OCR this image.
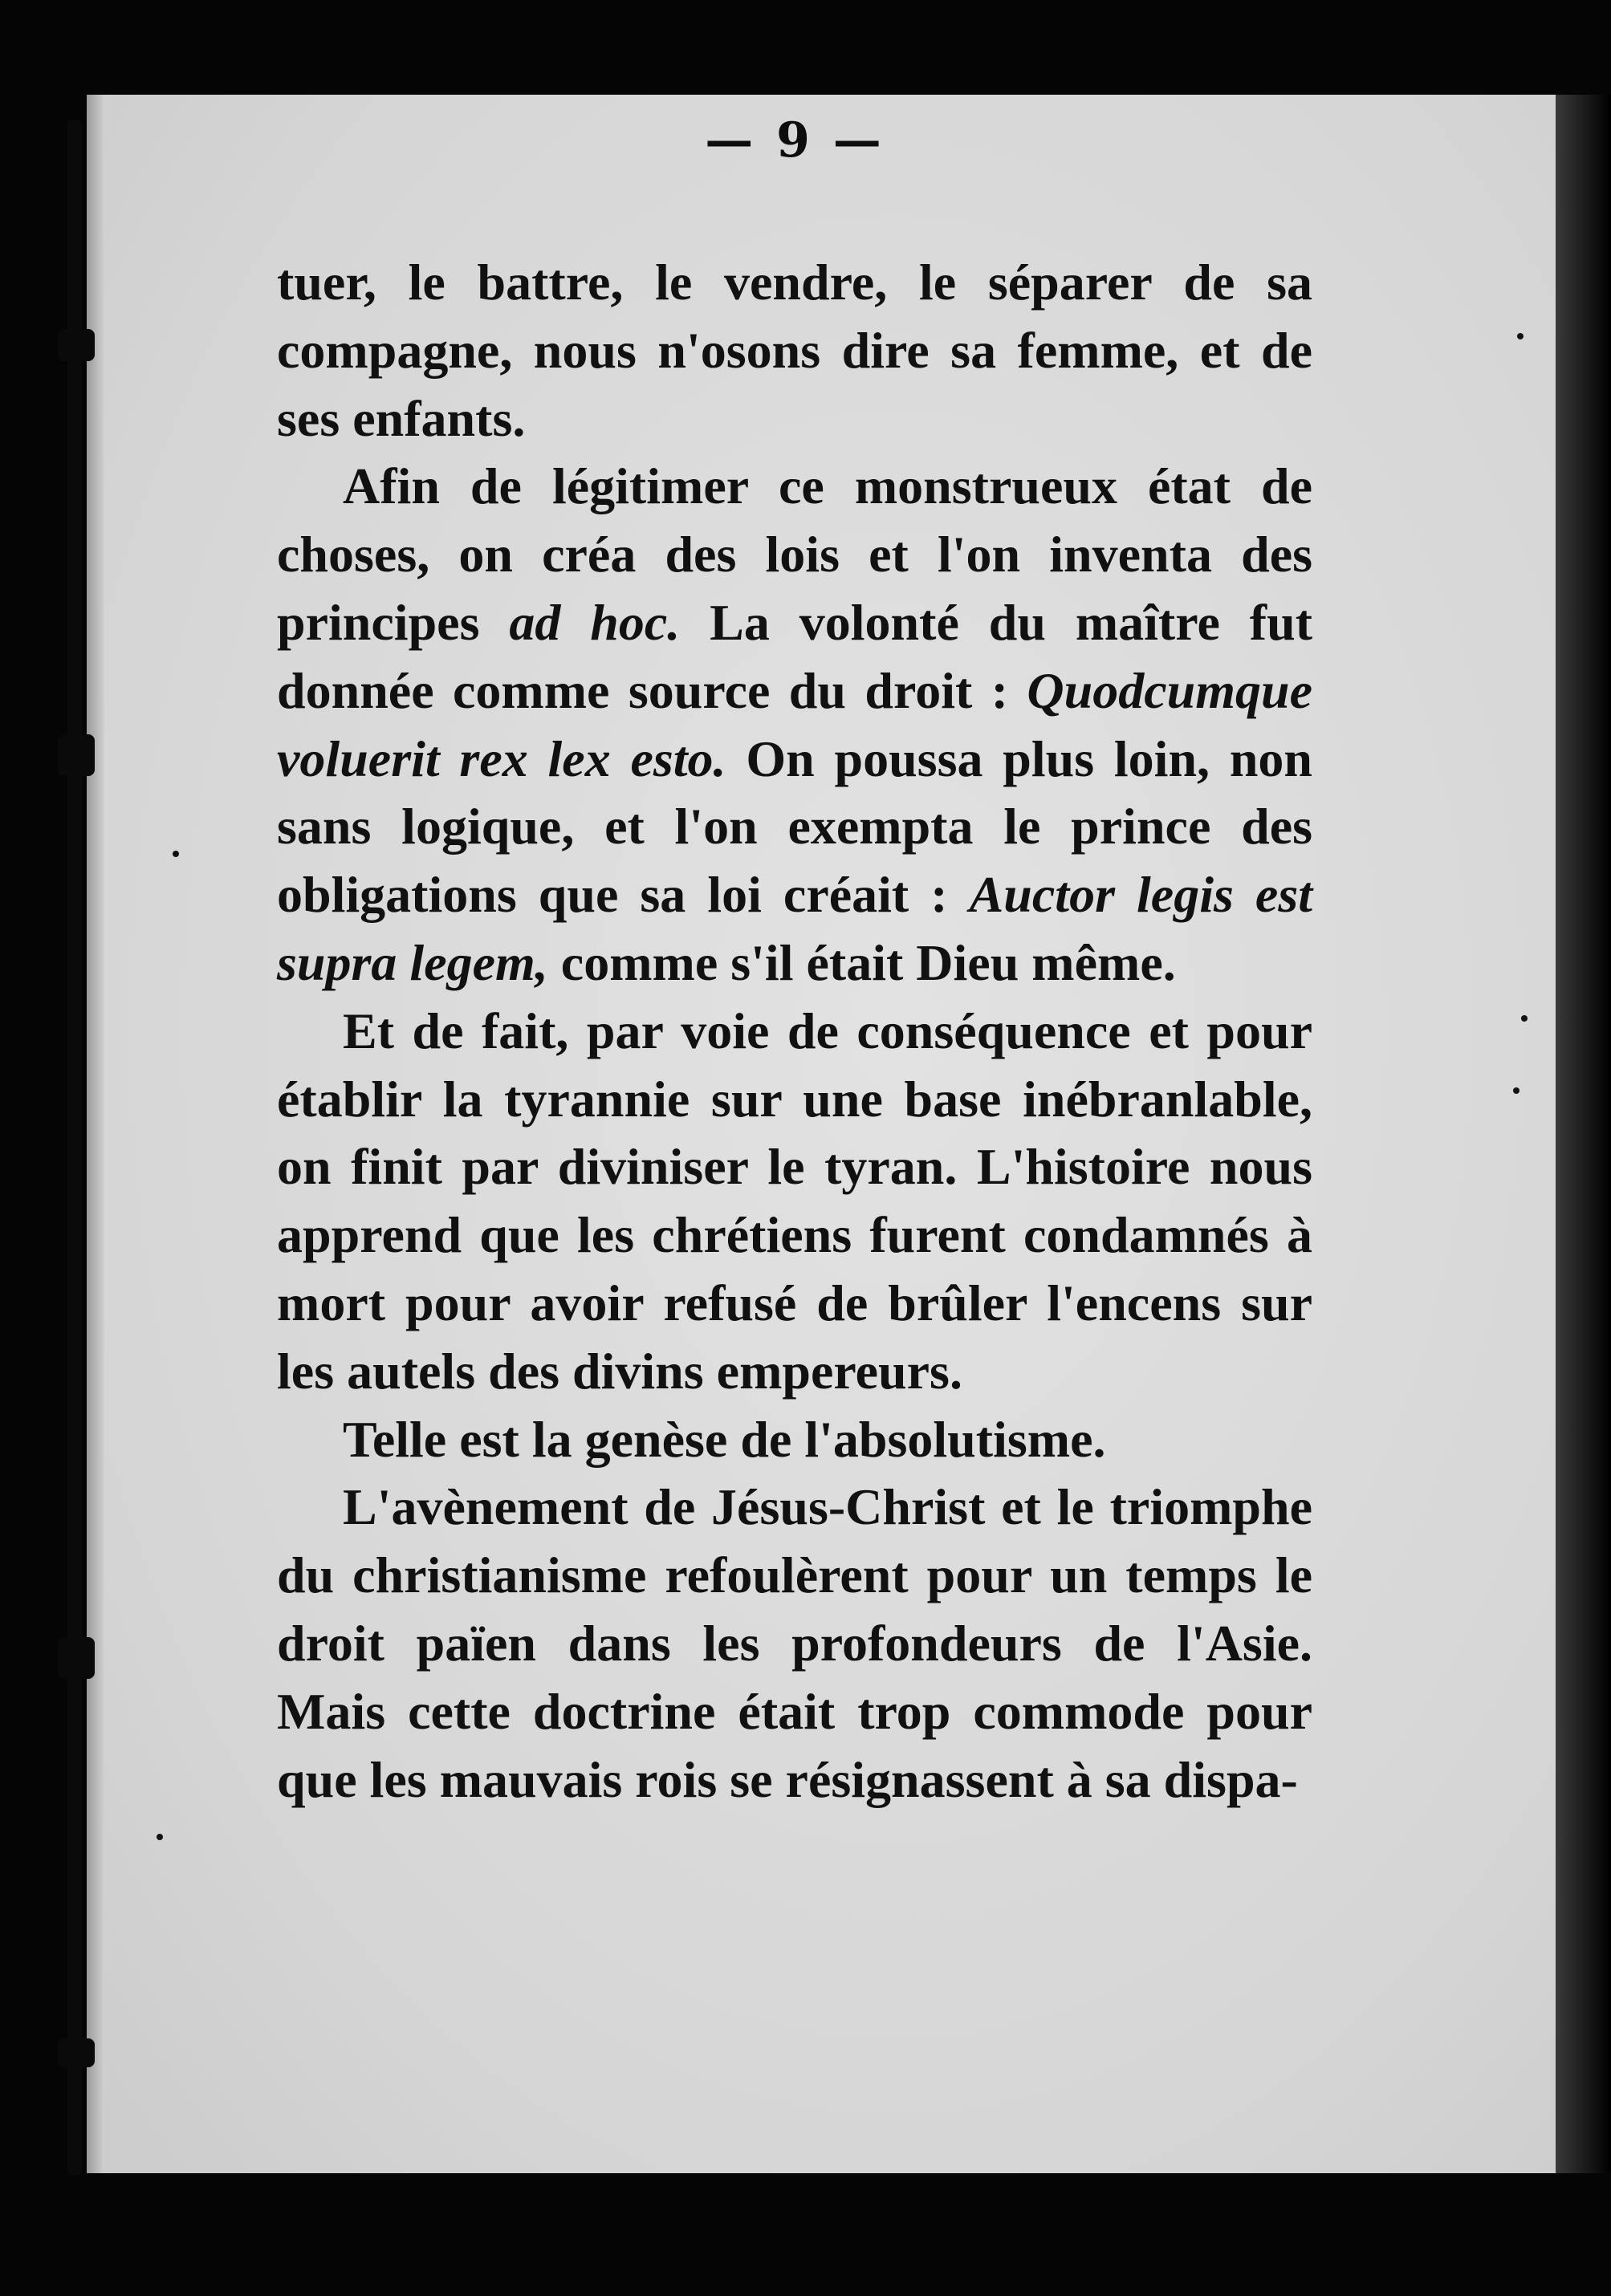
— 9 —

tuer, le battre, le vendre, le séparer de sa compagne, nous n'osons dire sa femme, et de ses enfants.

Afin de légitimer ce monstrueux état de choses, on créa des lois et l'on inventa des principes ad hoc. La volonté du maître fut donnée comme source du droit : Quodcumque voluerit rex lex esto. On poussa plus loin, non sans logique, et l'on exempta le prince des obligations que sa loi créait : Auctor legis est supra legem, comme s'il était Dieu même.

Et de fait, par voie de conséquence et pour établir la tyrannie sur une base inébranlable, on finit par diviniser le tyran. L'histoire nous apprend que les chrétiens furent condamnés à mort pour avoir refusé de brûler l'encens sur les autels des divins empereurs.

Telle est la genèse de l'absolutisme.

L'avènement de Jésus-Christ et le triomphe du christianisme refoulèrent pour un temps le droit païen dans les profondeurs de l'Asie. Mais cette doctrine était trop commode pour que les mauvais rois se résignassent à sa dispa-
